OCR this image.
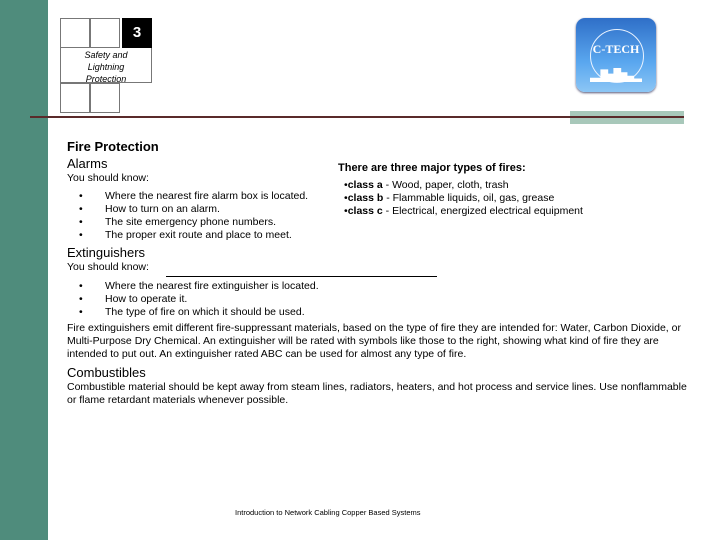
3
Safety and
Lightning
Protection
C-TECH
Fire Protection
Alarms
You should know:
• Where the nearest fire alarm box is located.
• How to turn on an alarm.
• The site emergency phone numbers.
• The proper exit route and place to meet.
There are three major types of fires:
•class a - Wood, paper, cloth, trash
•class b - Flammable liquids, oil, gas, grease
•class c - Electrical, energized electrical equipment
Extinguishers
You should know:
• Where the nearest fire extinguisher is located.
• How to operate it.
• The type of fire on which it should be used.
Fire extinguishers emit different fire-suppressant materials, based on the type of fire they are intended for: Water, Carbon Dioxide, or Multi-Purpose Dry Chemical. An extinguisher will be rated with symbols like those to the right, showing what kind of fire they are intended to put out. An extinguisher rated ABC can be used for almost any type of fire.
Combustibles
Combustible material should be kept away from steam lines, radiators, heaters, and hot process and service lines. Use nonflammable or flame retardant materials whenever possible.
Introduction to Network Cabling Copper Based Systems
